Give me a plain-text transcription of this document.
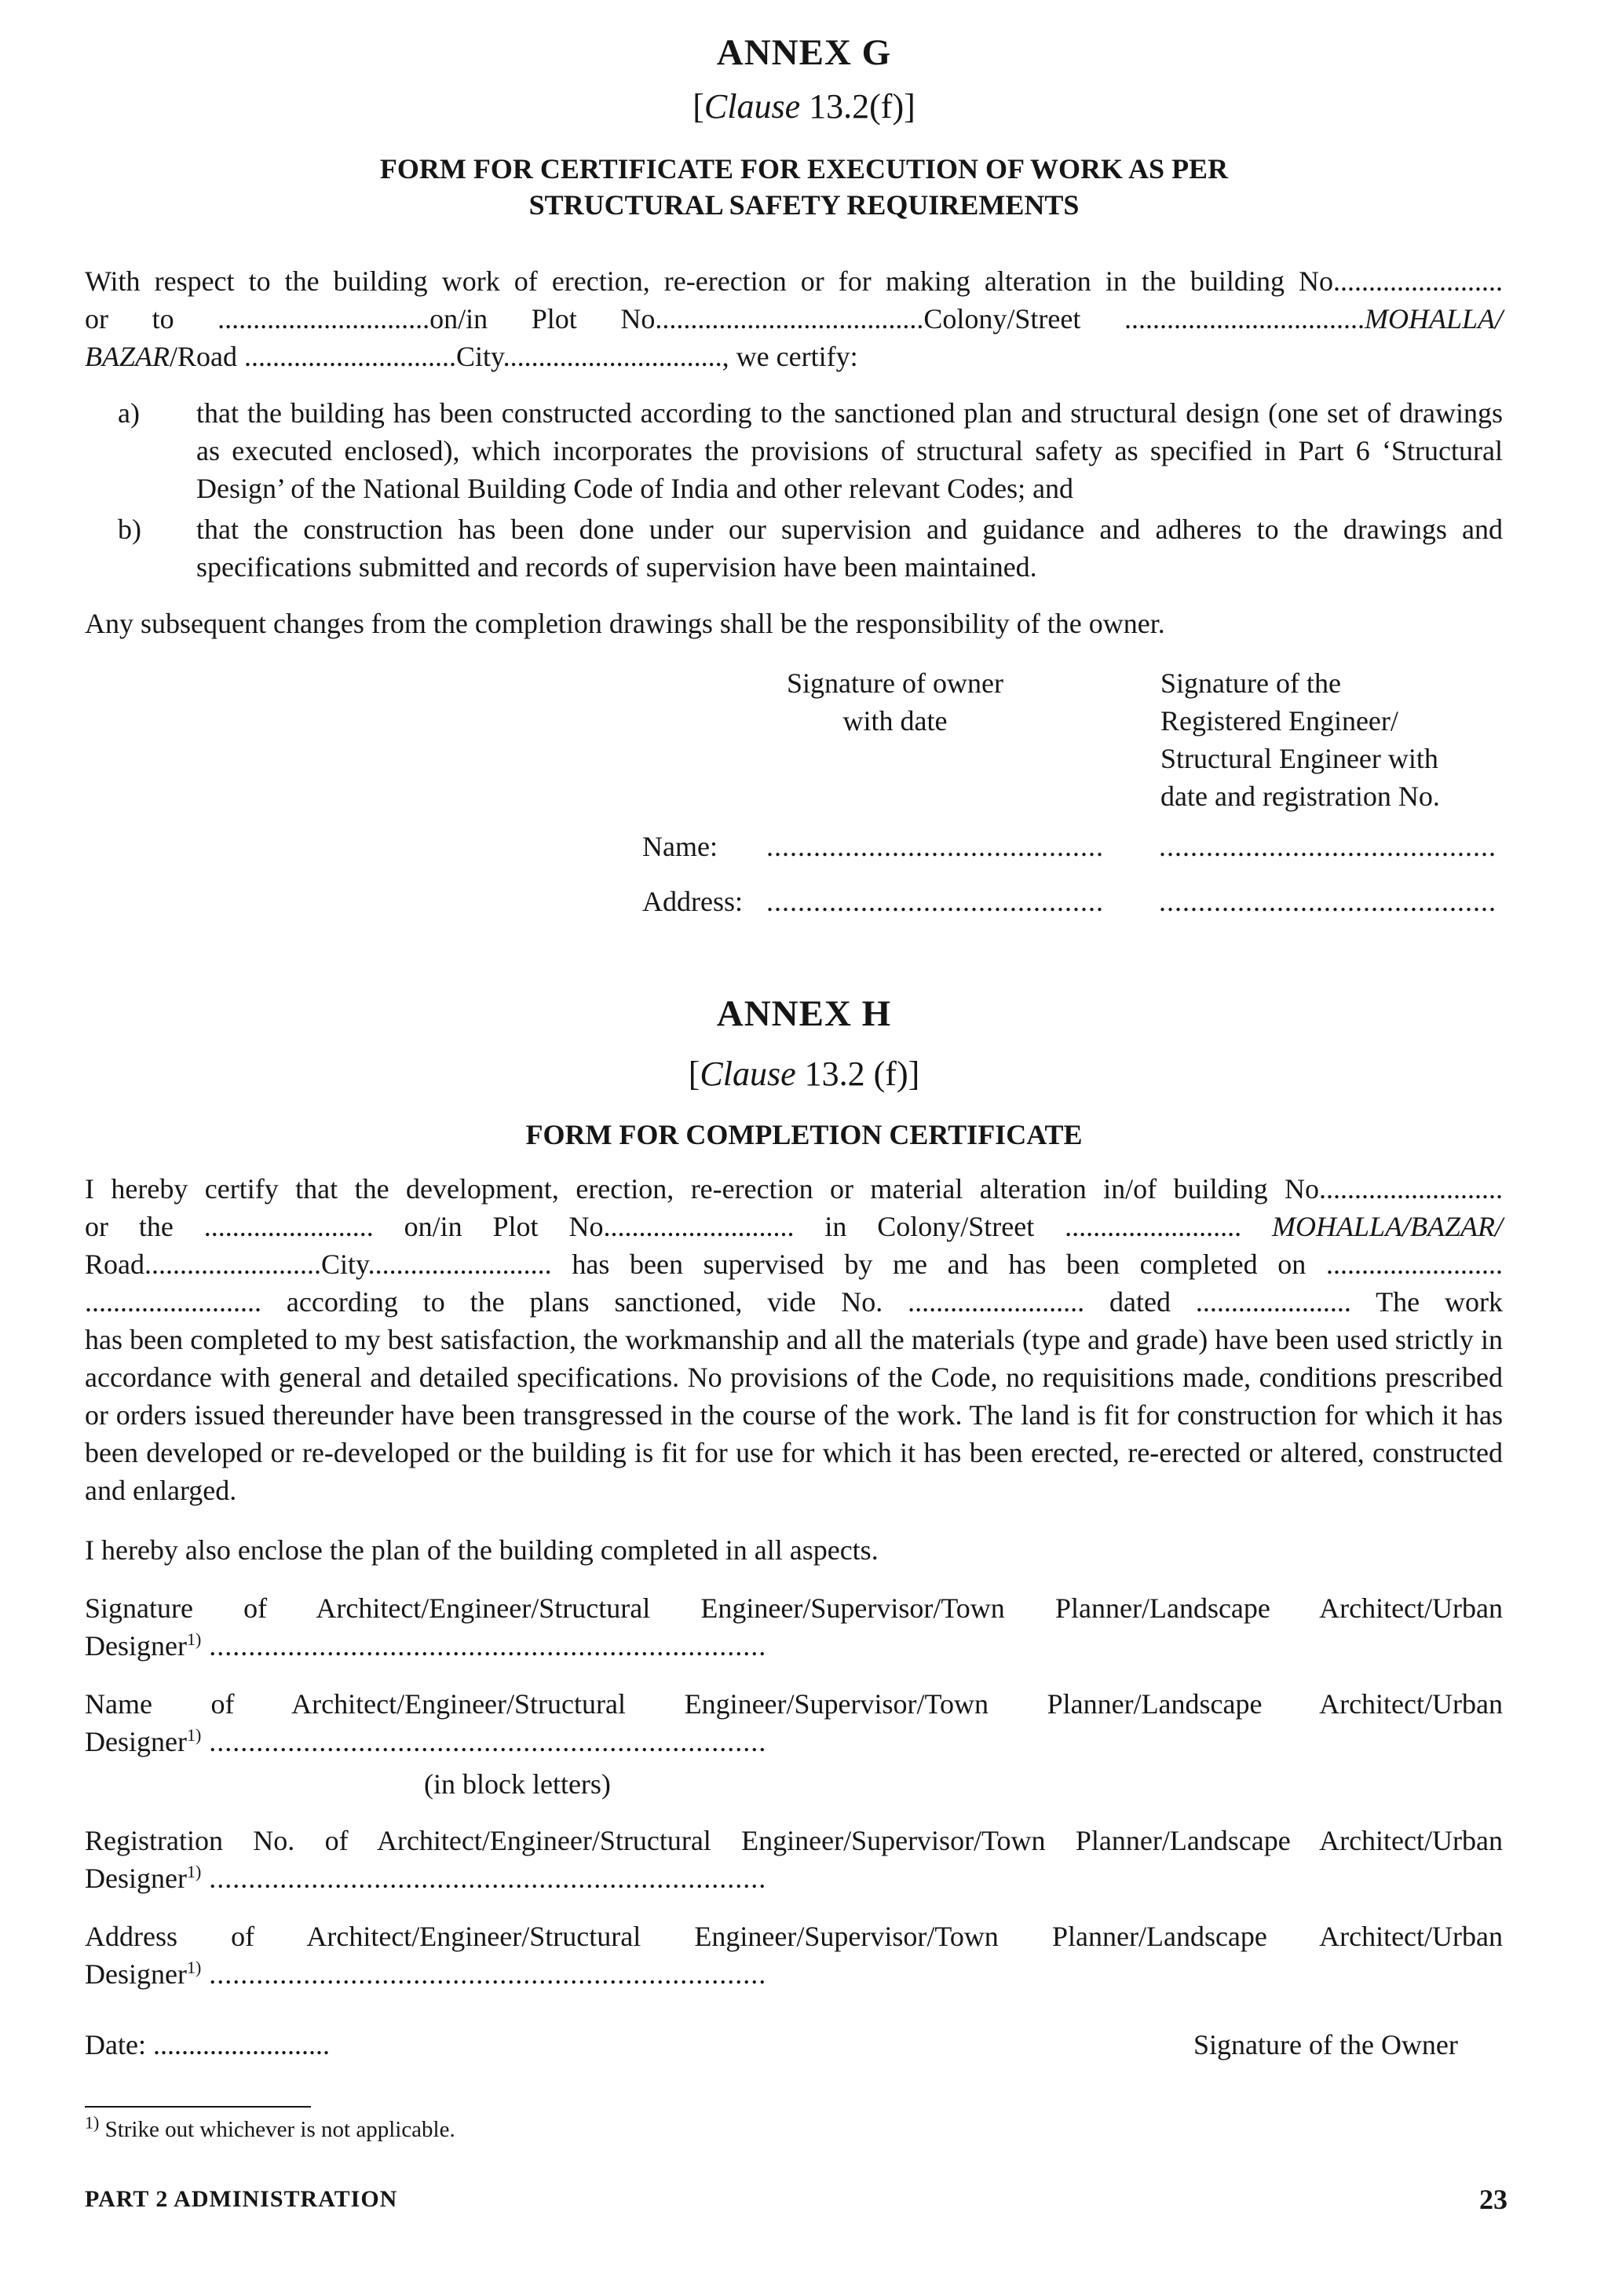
ANNEX G
[Clause 13.2(f)]
FORM FOR CERTIFICATE FOR EXECUTION OF WORK AS PER
STRUCTURAL SAFETY REQUIREMENTS
With respect to the building work of erection, re-erection or for making alteration in the building No........................
or to ..............................on/in Plot No......................................Colony/Street ..................................MOHALLA/
BAZAR/Road ..............................City..............................., we certify:
a) that the building has been constructed according to the sanctioned plan and structural design (one set of drawings as executed enclosed), which incorporates the provisions of structural safety as specified in Part 6 ‘Structural Design’ of the National Building Code of India and other relevant Codes; and
b) that the construction has been done under our supervision and guidance and adheres to the drawings and specifications submitted and records of supervision have been maintained.
Any subsequent changes from the completion drawings shall be the responsibility of the owner.
Signature of owner
with date
Signature of the
Registered Engineer/
Structural Engineer with
date and registration No.
Name: ........................................... ...........................................
Address: ........................................... ...........................................
ANNEX H
[Clause 13.2 (f)]
FORM FOR COMPLETION CERTIFICATE
I hereby certify that the development, erection, re-erection or material alteration in/of building No..........................
or the ........................ on/in Plot No........................... in Colony/Street ......................... MOHALLA/BAZAR/
Road.........................City.......................... has been supervised by me and has been completed on .........................
......................... according to the plans sanctioned, vide No. ......................... dated ...................... The work
has been completed to my best satisfaction, the workmanship and all the materials (type and grade) have been used strictly in accordance with general and detailed specifications. No provisions of the Code, no requisitions made, conditions prescribed or orders issued thereunder have been transgressed in the course of the work. The land is fit for construction for which it has been developed or re-developed or the building is fit for use for which it has been erected, re-erected or altered, constructed and enlarged.
I hereby also enclose the plan of the building completed in all aspects.
Signature of Architect/Engineer/Structural Engineer/Supervisor/Town Planner/Landscape Architect/Urban
Designer$^{1)}$ .......................................................................
Name of Architect/Engineer/Structural Engineer/Supervisor/Town Planner/Landscape Architect/Urban
Designer$^{1)}$ .......................................................................
(in block letters)
Registration No. of Architect/Engineer/Structural Engineer/Supervisor/Town Planner/Landscape Architect/Urban
Designer$^{1)}$ .......................................................................
Address of Architect/Engineer/Structural Engineer/Supervisor/Town Planner/Landscape Architect/Urban
Designer$^{1)}$ .......................................................................
Date: .........................	Signature of the Owner
$^{1)}$ Strike out whichever is not applicable.
PART 2 ADMINISTRATION	23
